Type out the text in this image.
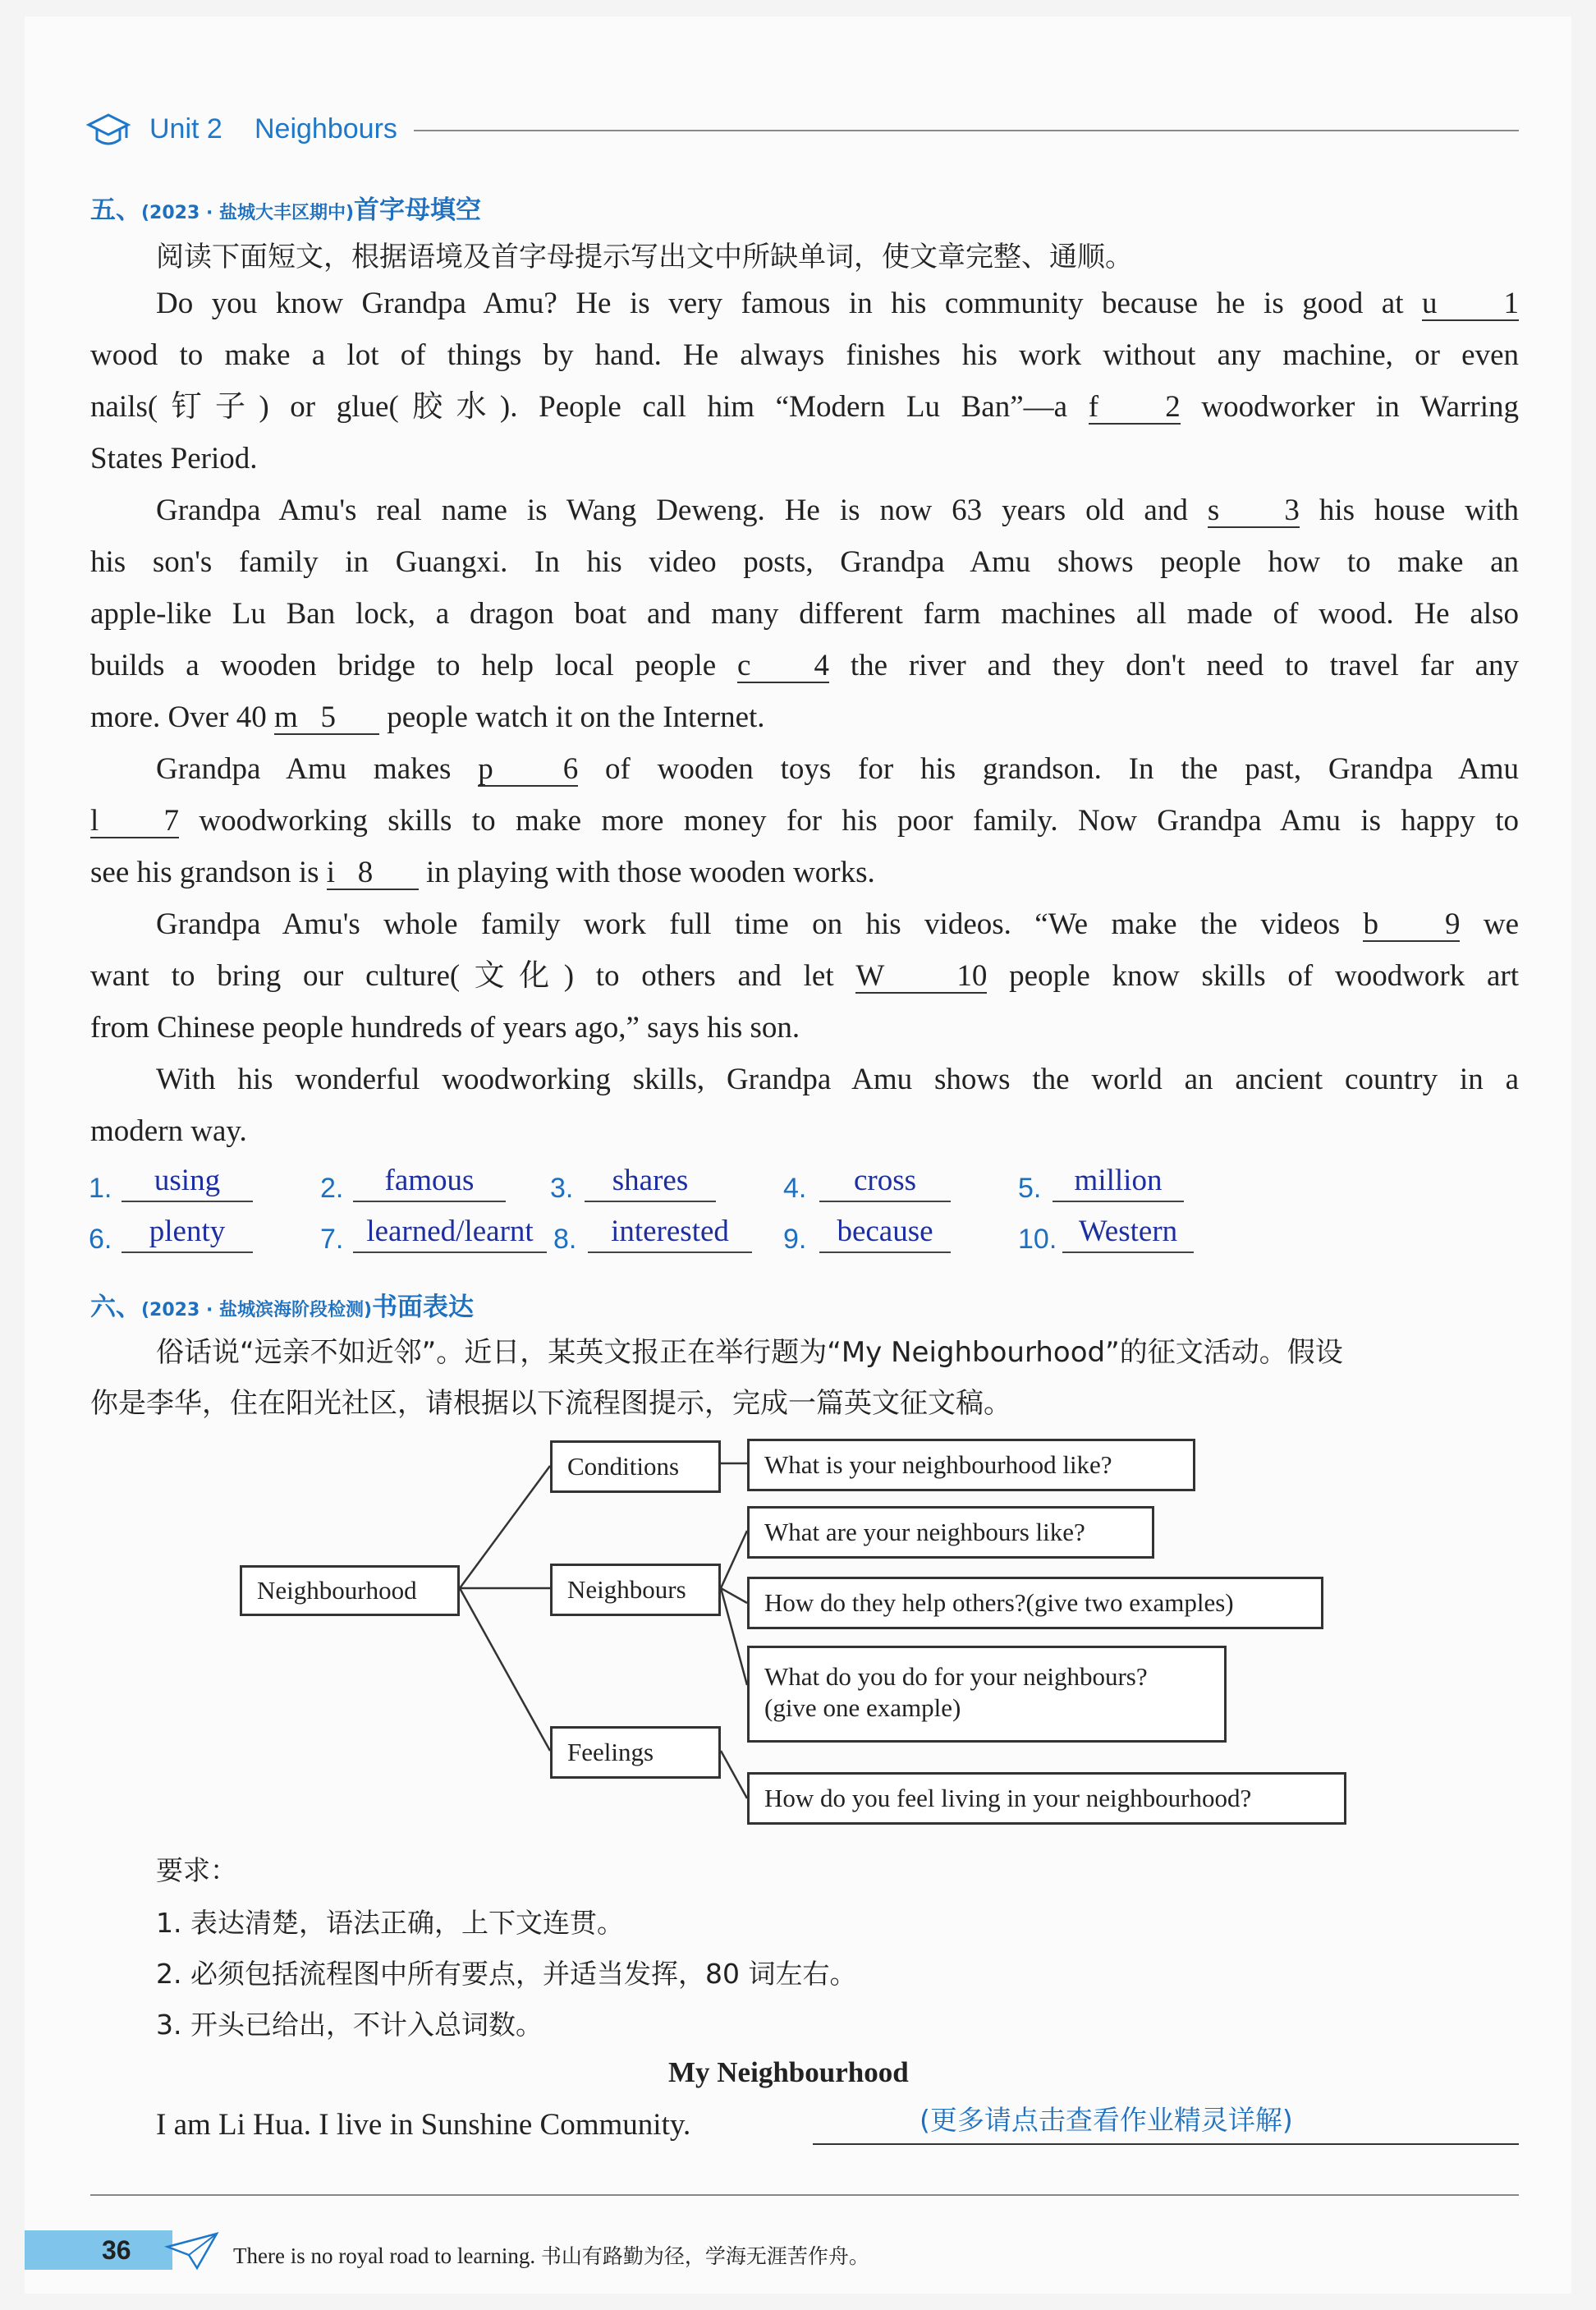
Unit 2 Neighbours
五、(2023 · 盐城大丰区期中)首字母填空
阅读下面短文，根据语境及首字母提示写出文中所缺单词，使文章完整、通顺。
Do you know Grandpa Amu? He is very famous in his community because he is good at u 1
wood to make a lot of things by hand. He always finishes his work without any machine, or even
nails(钉子) or glue(胶水). People call him “Modern Lu Ban”—a f 2 woodworker in Warring
States Period.
Grandpa Amu's real name is Wang Deweng. He is now 63 years old and s 3 his house with
his son's family in Guangxi. In his video posts, Grandpa Amu shows people how to make an
apple-like Lu Ban lock, a dragon boat and many different farm machines all made of wood. He also
builds a wooden bridge to help local people c 4 the river and they don't need to travel far any
more. Over 40 m 5 people watch it on the Internet.
Grandpa Amu makes p 6 of wooden toys for his grandson. In the past, Grandpa Amu
l 7 woodworking skills to make more money for his poor family. Now Grandpa Amu is happy to
see his grandson is i 8 in playing with those wooden works.
Grandpa Amu's whole family work full time on his videos. “We make the videos b 9 we
want to bring our culture(文化) to others and let W 10 people know skills of woodwork art
from Chinese people hundreds of years ago,” says his son.
With his wonderful woodworking skills, Grandpa Amu shows the world an ancient country in a
modern way.
1.	using	2.	famous	3.	shares	4.	cross	5.	million
6.	plenty	7. learned/learnt 8.	interested	9.	because	10. Western
六、(2023 · 盐城滨海阶段检测)书面表达
俗话说“远亲不如近邻”。近日，某英文报正在举行题为“My Neighbourhood”的征文活动。假设
你是李华，住在阳光社区，请根据以下流程图提示，完成一篇英文征文稿。
Neighbourhood
Conditions
Neighbours
Feelings
What is your neighbourhood like?
What are your neighbours like?
How do they help others?(give two examples)
What do you do for your neighbours?
(give one example)
How do you feel living in your neighbourhood?
要求：
1. 表达清楚，语法正确，上下文连贯。
2. 必须包括流程图中所有要点，并适当发挥，80 词左右。
3. 开头已给出，不计入总词数。
My Neighbourhood
I am Li Hua. I live in Sunshine Community.	(更多请点击查看作业精灵详解)
36	There is no royal road to learning. 书山有路勤为径，学海无涯苦作舟。
